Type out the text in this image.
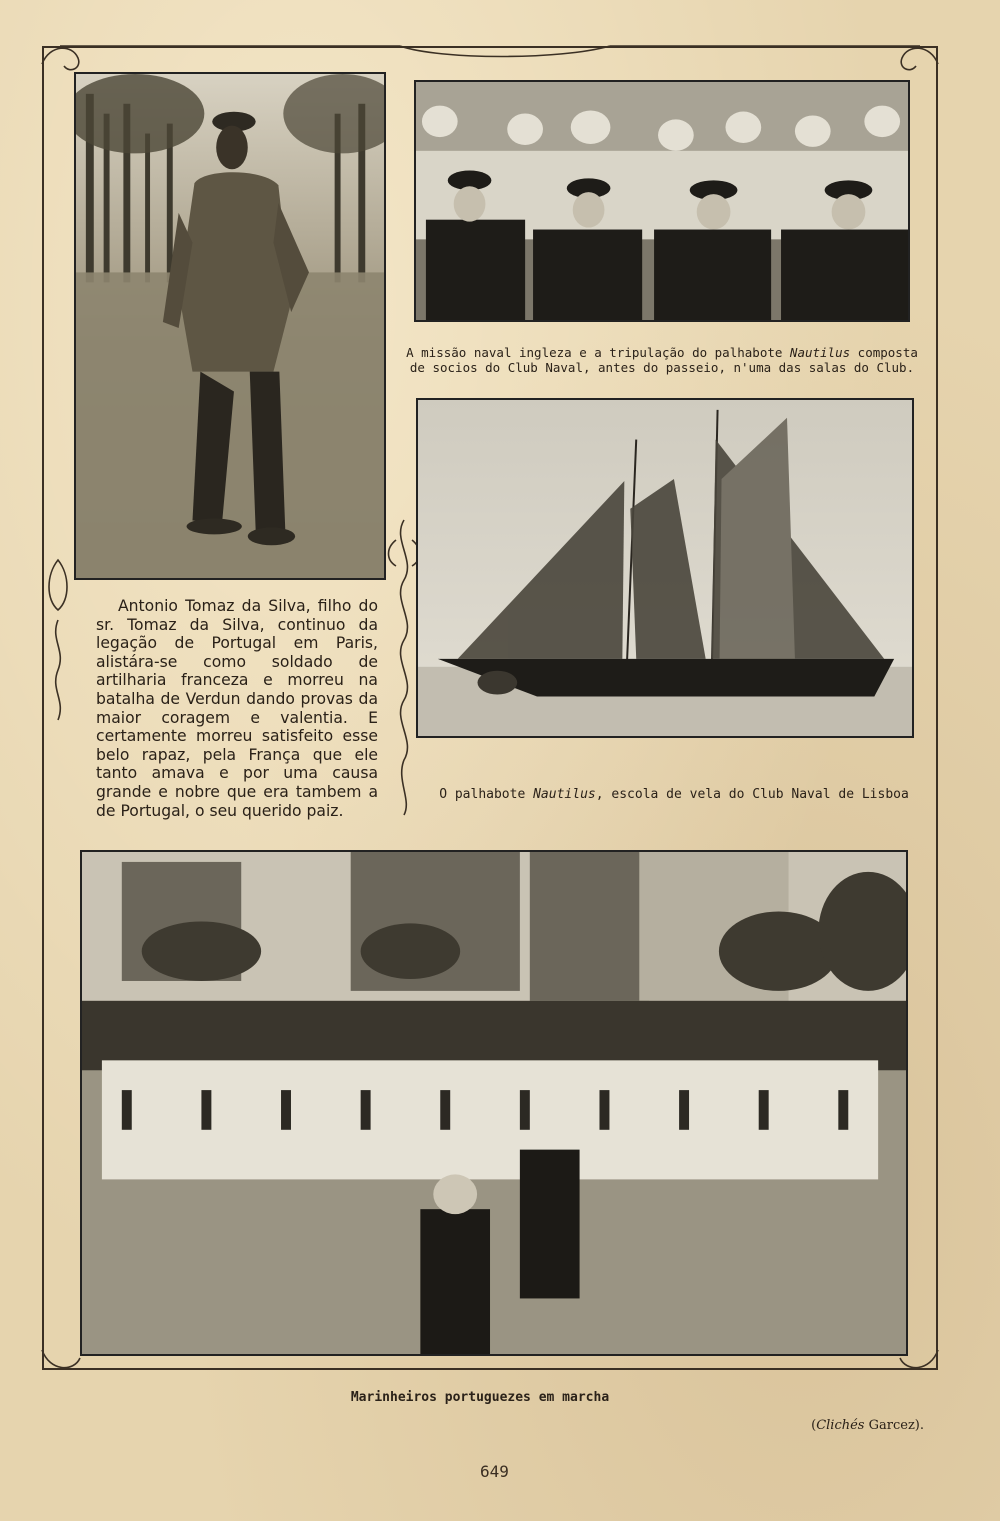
A missão naval ingleza e a tripulação do palhabote Nautilus composta
de socios do Club Naval, antes do passeio, n'uma das salas do Club.
O palhabote Nautilus, escola de vela do Club Naval de Lisboa
Antonio Tomaz da Silva, filho do sr. Tomaz da Silva, continuo da legação de Portugal em Paris, alistára-se como soldado de artilharia franceza e morreu na batalha de Verdun dando provas da maior coragem e valentia. E certamente morreu satisfeito esse belo rapaz, pela França que ele tanto amava e por uma causa grande e nobre que era tambem a de Portugal, o seu querido paiz.
Marinheiros portuguezes em marcha
(Clichés Garcez).
649
